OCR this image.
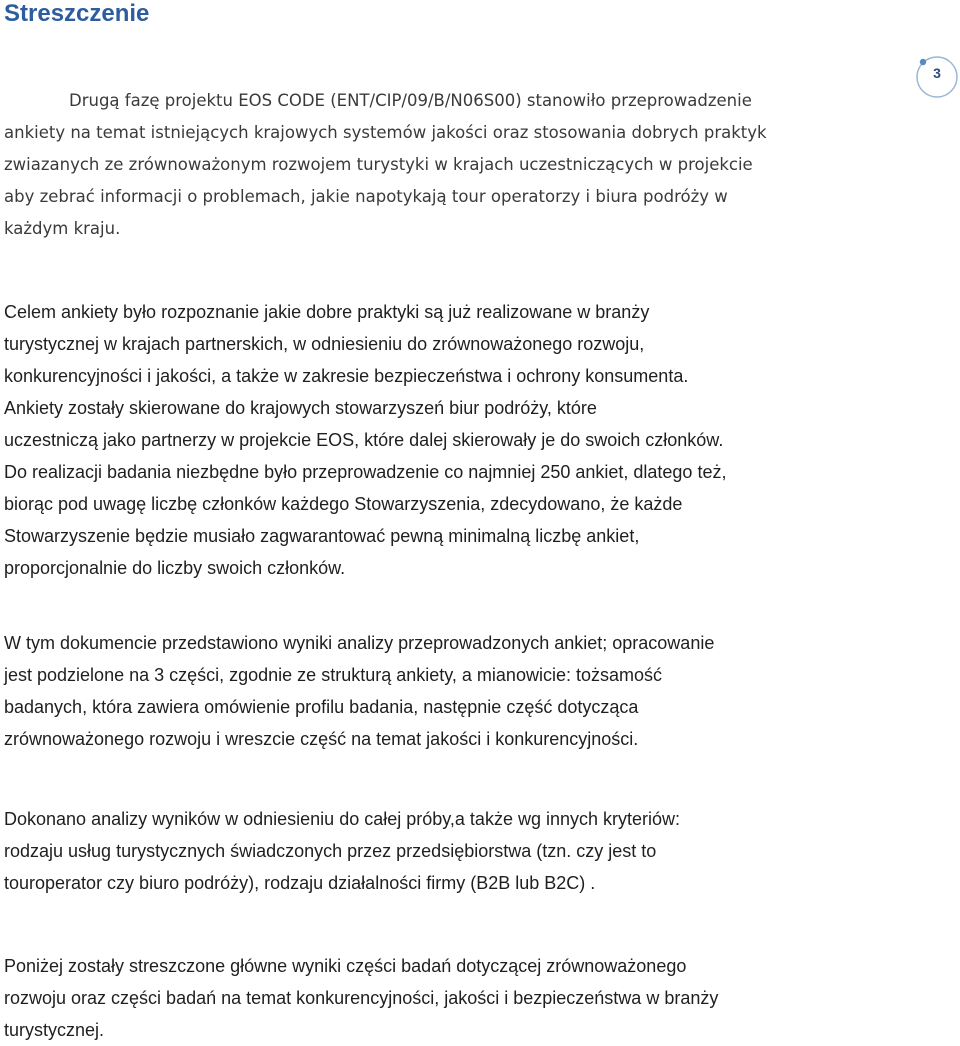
Streszczenie
3
Drugą fazę projektu EOS CODE (ENT/CIP/09/B/N06S00) stanowiło przeprowadzenie
ankiety na temat istniejących krajowych systemów jakości oraz stosowania dobrych praktyk
zwiazanych ze zrównoważonym rozwojem turystyki w krajach uczestniczących w projekcie
aby zebrać informacji o problemach, jakie napotykają tour operatorzy i biura podróży w
każdym kraju.
Celem ankiety było rozpoznanie jakie dobre praktyki są już realizowane w branży
turystycznej w krajach partnerskich, w odniesieniu do zrównoważonego rozwoju,
konkurencyjności i jakości, a także w zakresie bezpieczeństwa i ochrony konsumenta.
Ankiety zostały skierowane do krajowych stowarzyszeń biur podróży, które
uczestniczą jako partnerzy w projekcie EOS, które dalej skierowały je do swoich członków.
Do realizacji badania niezbędne było przeprowadzenie co najmniej 250 ankiet, dlatego też,
biorąc pod uwagę liczbę członków każdego Stowarzyszenia, zdecydowano, że każde
Stowarzyszenie będzie musiało zagwarantować pewną minimalną liczbę ankiet,
proporcjonalnie do liczby swoich członków.
W tym dokumencie przedstawiono wyniki analizy przeprowadzonych ankiet; opracowanie
jest podzielone na 3 części, zgodnie ze strukturą ankiety, a mianowicie: tożsamość
badanych, która zawiera omówienie profilu badania, następnie część dotycząca
zrównoważonego rozwoju i wreszcie część na temat jakości i konkurencyjności.
Dokonano analizy wyników w odniesieniu do całej próby,a także wg innych kryteriów:
rodzaju usług turystycznych świadczonych przez przedsiębiorstwa (tzn. czy jest to
touroperator czy biuro podróży), rodzaju działalności firmy (B2B lub B2C) .
Poniżej zostały streszczone główne wyniki części badań dotyczącej zrównoważonego
rozwoju oraz części badań na temat konkurencyjności, jakości i bezpieczeństwa w branży
turystycznej.
